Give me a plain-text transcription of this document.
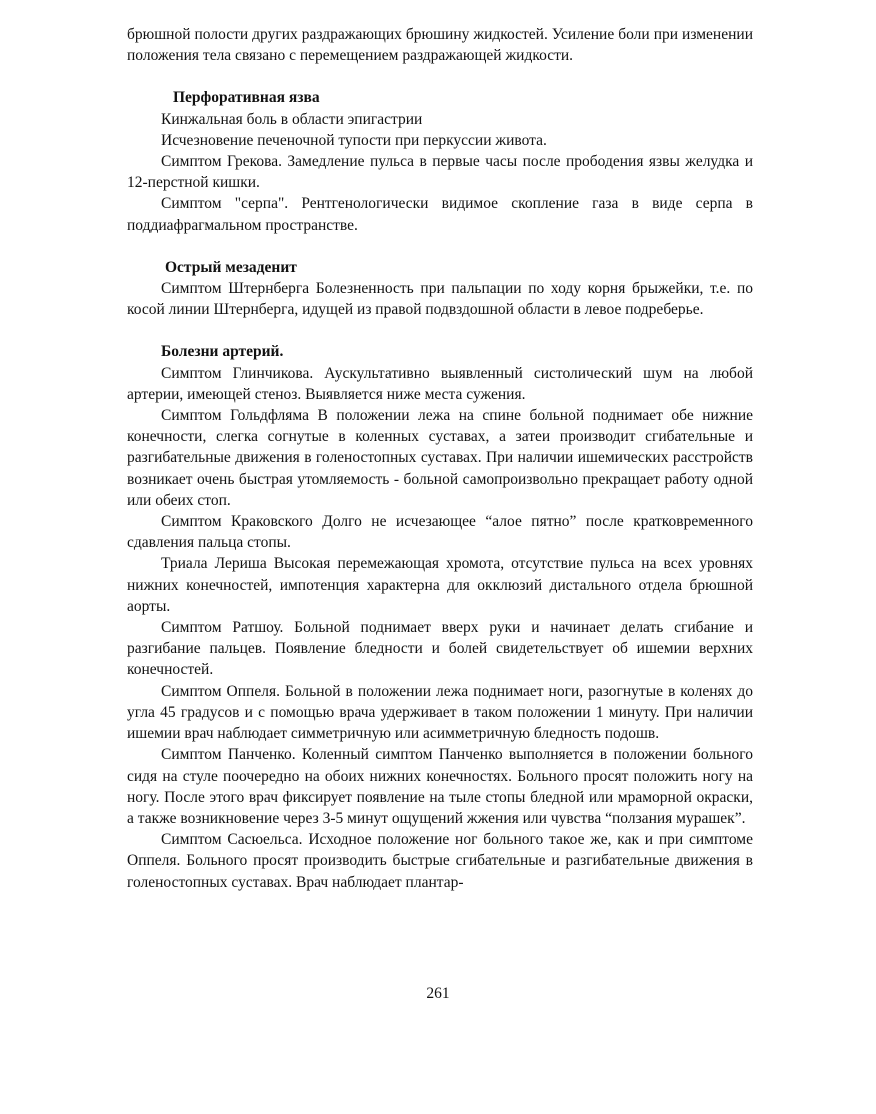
брюшной полости других раздражающих брюшину жидкостей. Усиление боли при изменении положения тела связано с перемещением раздражающей жидкости.

Перфоративная язва

Кинжальная боль в области эпигастрии

Исчезновение печеночной тупости при перкуссии живота.

Симптом Грекова. Замедление пульса в первые часы после прободения язвы желудка и 12-перстной кишки.

Симптом "серпа". Рентгенологически видимое скопление газа в виде серпа в поддиафрагмальном пространстве.

Острый мезаденит

Симптом Штернберга Болезненность при пальпации по ходу корня брыжейки, т.е. по косой линии Штернберга, идущей из правой подвздошной области в левое подреберье.

Болезни артерий.

Симптом Глинчикова. Аускультативно выявленный систолический шум на любой артерии, имеющей стеноз. Выявляется ниже места сужения.

Симптом Гольдфляма В положении лежа на спине больной поднимает обе нижние конечности, слегка согнутые в коленных суставах, а затеи производит сгибательные и разгибательные движения в голеностопных суставах. При наличии ишемических расстройств возникает очень быстрая утомляемость - больной самопроизвольно прекращает работу одной или обеих стоп.

Симптом Краковского Долго не исчезающее “алое пятно” после кратковременного сдавления пальца стопы.

Триала Лериша Высокая перемежающая хромота, отсутствие пульса на всех уровнях нижних конечностей, импотенция характерна для окклюзий дистального отдела брюшной аорты.

Симптом Ратшоу. Больной поднимает вверх руки и начинает делать сгибание и разгибание пальцев. Появление бледности и болей свидетельствует об ишемии верхних конечностей.

Симптом Оппеля. Больной в положении лежа поднимает ноги, разогнутые в коленях до угла 45 градусов и с помощью врача удерживает в таком положении 1 минуту. При наличии ишемии врач наблюдает симметричную или асимметричную бледность подошв.

Симптом Панченко. Коленный симптом Панченко выполняется в положении больного сидя на стуле поочередно на обоих нижних конечностях. Больного просят положить ногу на ногу. После этого врач фиксирует появление на тыле стопы бледной или мраморной окраски, а также возникновение через 3-5 минут ощущений жжения или чувства “ползания мурашек”.

Симптом Сасюельса. Исходное положение ног больного такое же, как и при симптоме Оппеля. Больного просят производить быстрые сгибательные и разгибательные движения в голеностопных суставах. Врач наблюдает плантар-

261
